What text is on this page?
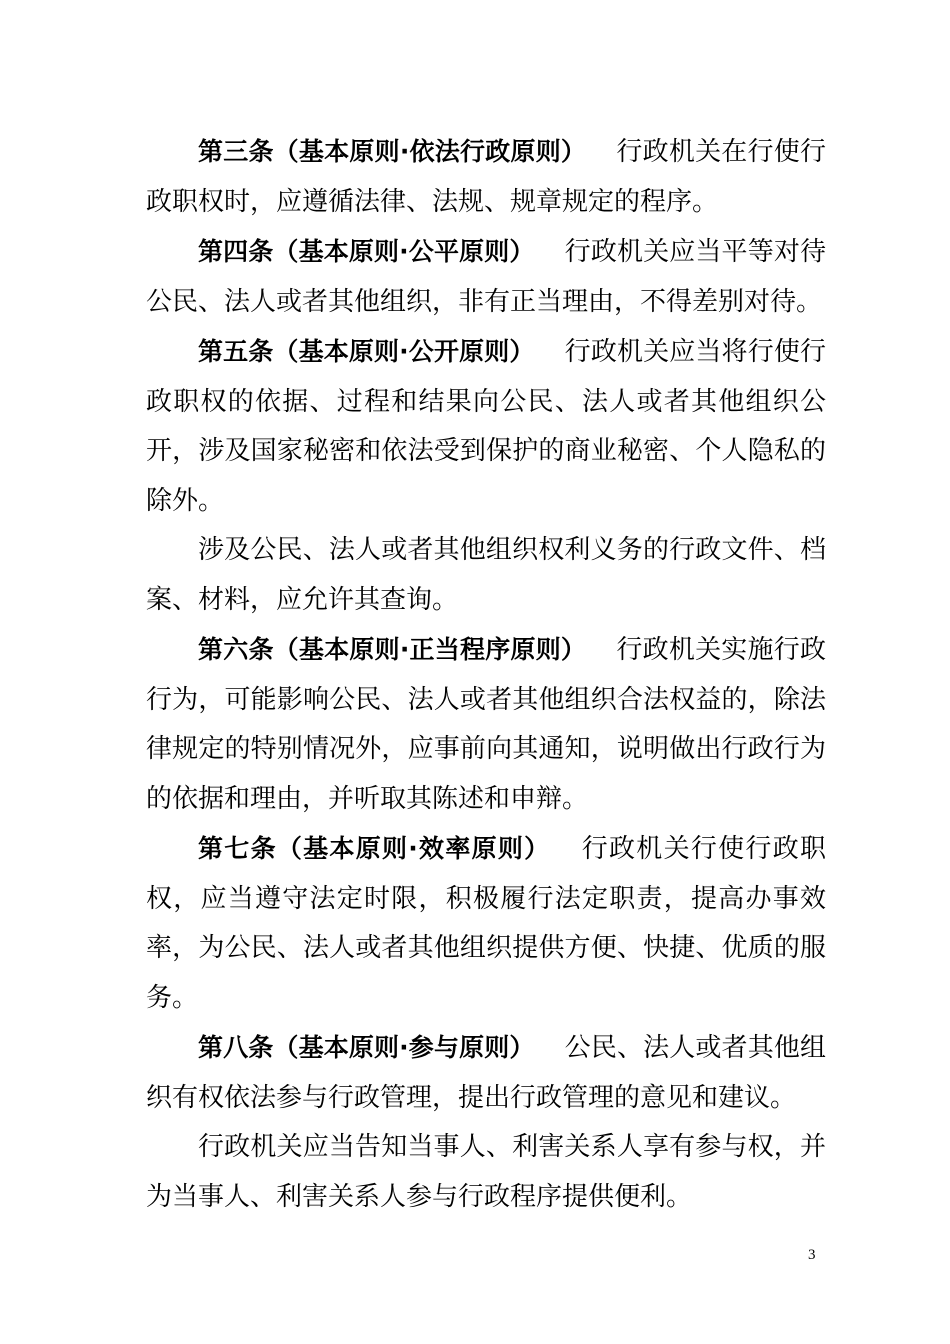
第三条（基本原则·依法行政原则） 行政机关在行使行政职权时，应遵循法律、法规、规章规定的程序。

第四条（基本原则·公平原则） 行政机关应当平等对待公民、法人或者其他组织，非有正当理由，不得差别对待。

第五条（基本原则·公开原则） 行政机关应当将行使行政职权的依据、过程和结果向公民、法人或者其他组织公开，涉及国家秘密和依法受到保护的商业秘密、个人隐私的除外。

涉及公民、法人或者其他组织权利义务的行政文件、档案、材料，应允许其查询。

第六条（基本原则·正当程序原则） 行政机关实施行政行为，可能影响公民、法人或者其他组织合法权益的，除法律规定的特别情况外，应事前向其通知，说明做出行政行为的依据和理由，并听取其陈述和申辩。

第七条（基本原则·效率原则） 行政机关行使行政职权，应当遵守法定时限，积极履行法定职责，提高办事效率，为公民、法人或者其他组织提供方便、快捷、优质的服务。

第八条（基本原则·参与原则） 公民、法人或者其他组织有权依法参与行政管理，提出行政管理的意见和建议。

行政机关应当告知当事人、利害关系人享有参与权，并为当事人、利害关系人参与行政程序提供便利。

3
